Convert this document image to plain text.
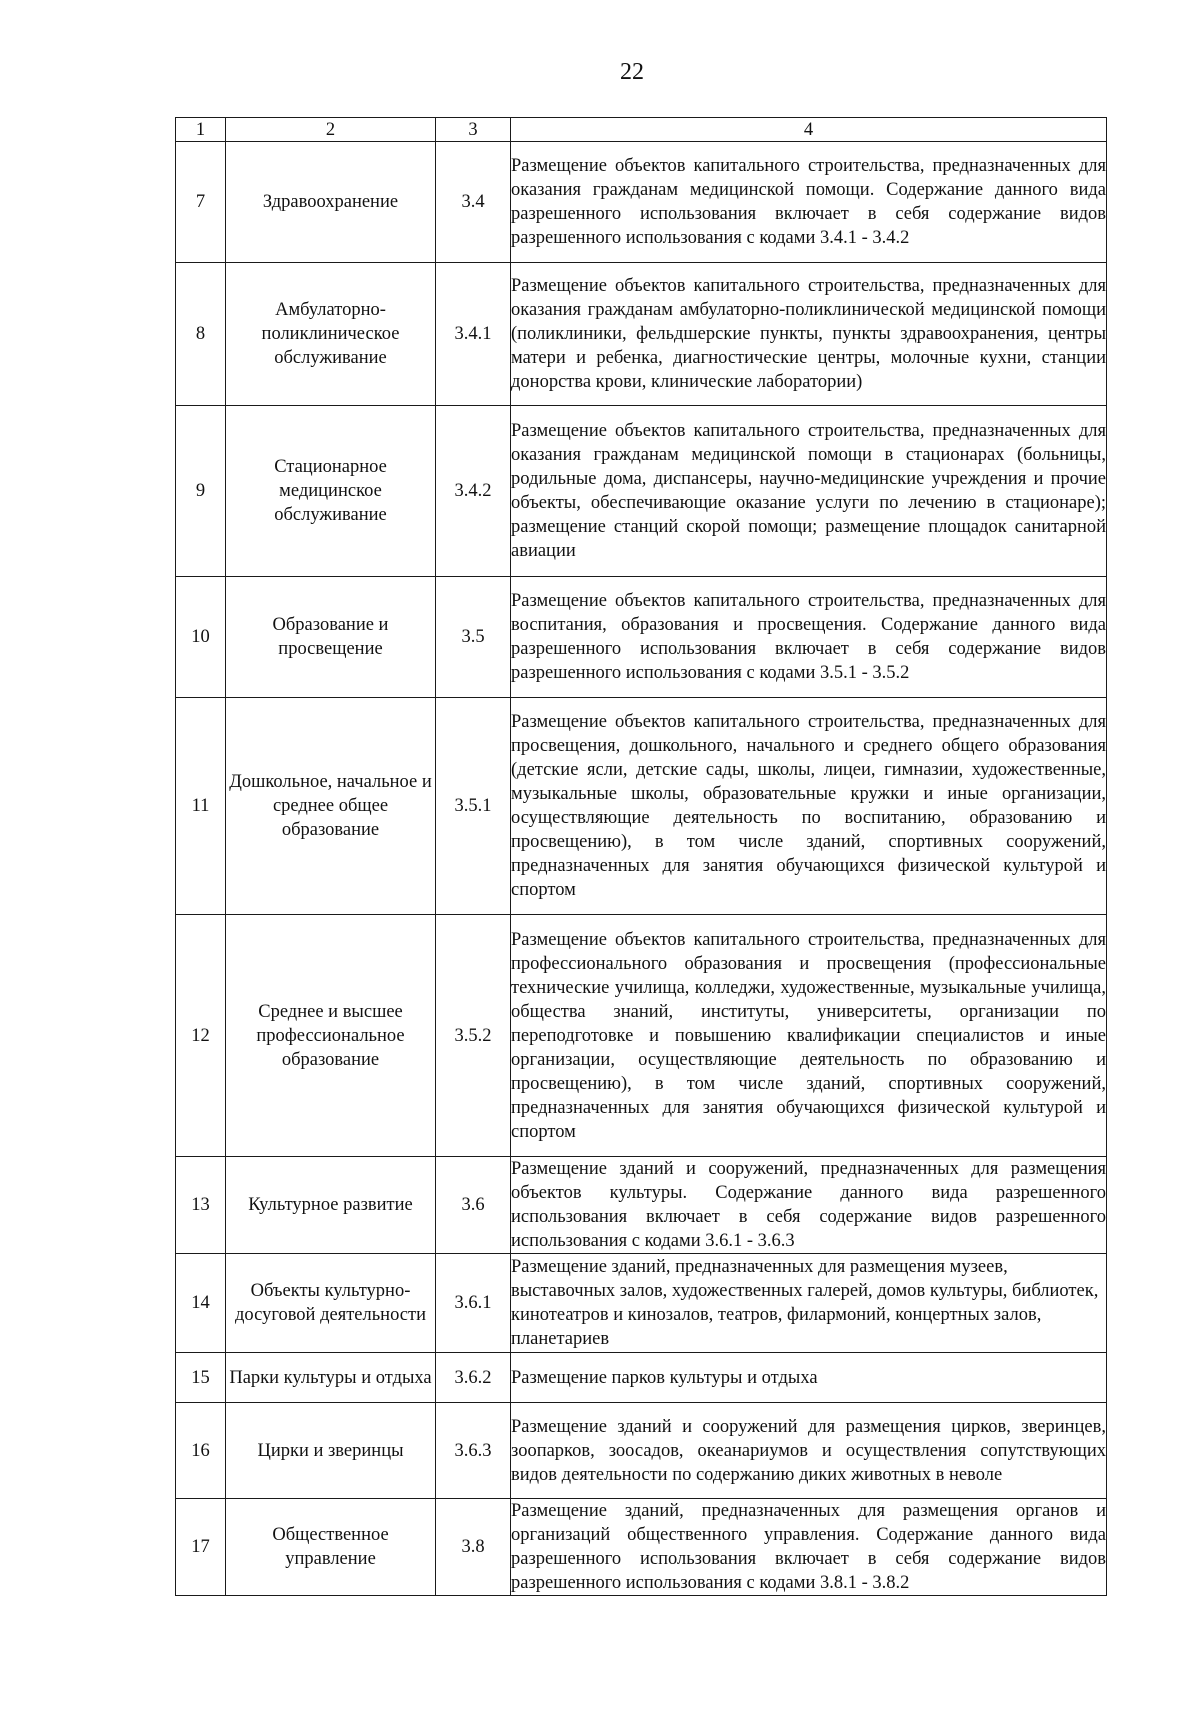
22
1	2	3	4
7	Здравоохранение	3.4	Размещение объектов капитального строительства, предназначенных для оказания гражданам медицинской помощи. Содержание данного вида разрешенного использования включает в себя содержание видов разрешенного использования с кодами 3.4.1 - 3.4.2
8	Амбулаторно-поликлиническое обслуживание	3.4.1	Размещение объектов капитального строительства, предназначенных для оказания гражданам амбулаторно-поликлинической медицинской помощи (поликлиники, фельдшерские пункты, пункты здравоохранения, центры матери и ребенка, диагностические центры, молочные кухни, станции донорства крови, клинические лаборатории)
9	Стационарное медицинское обслуживание	3.4.2	Размещение объектов капитального строительства, предназначенных для оказания гражданам медицинской помощи в стационарах (больницы, родильные дома, диспансеры, научно-медицинские учреждения и прочие объекты, обеспечивающие оказание услуги по лечению в стационаре); размещение станций скорой помощи; размещение площадок санитарной авиации
10	Образование и просвещение	3.5	Размещение объектов капитального строительства, предназначенных для воспитания, образования и просвещения. Содержание данного вида разрешенного использования включает в себя содержание видов разрешенного использования с кодами 3.5.1 - 3.5.2
11	Дошкольное, начальное и среднее общее образование	3.5.1	Размещение объектов капитального строительства, предназначенных для просвещения, дошкольного, начального и среднего общего образования (детские ясли, детские сады, школы, лицеи, гимназии, художественные, музыкальные школы, образовательные кружки и иные организации, осуществляющие деятельность по воспитанию, образованию и просвещению), в том числе зданий, спортивных сооружений, предназначенных для занятия обучающихся физической культурой и спортом
12	Среднее и высшее профессиональное образование	3.5.2	Размещение объектов капитального строительства, предназначенных для профессионального образования и просвещения (профессиональные технические училища, колледжи, художественные, музыкальные училища, общества знаний, институты, университеты, организации по переподготовке и повышению квалификации специалистов и иные организации, осуществляющие деятельность по образованию и просвещению), в том числе зданий, спортивных сооружений, предназначенных для занятия обучающихся физической культурой и спортом
13	Культурное развитие	3.6	Размещение зданий и сооружений, предназначенных для размещения объектов культуры. Содержание данного вида разрешенного использования включает в себя содержание видов разрешенного использования с кодами 3.6.1 - 3.6.3
14	Объекты культурно-досуговой деятельности	3.6.1	Размещение зданий, предназначенных для размещения музеев, выставочных залов, художественных галерей, домов культуры, библиотек, кинотеатров и кинозалов, театров, филармоний, концертных залов, планетариев
15	Парки культуры и отдыха	3.6.2	Размещение парков культуры и отдыха
16	Цирки и зверинцы	3.6.3	Размещение зданий и сооружений для размещения цирков, зверинцев, зоопарков, зоосадов, океанариумов и осуществления сопутствующих видов деятельности по содержанию диких животных в неволе
17	Общественное управление	3.8	Размещение зданий, предназначенных для размещения органов и организаций общественного управления. Содержание данного вида разрешенного использования включает в себя содержание видов разрешенного использования с кодами 3.8.1 - 3.8.2
